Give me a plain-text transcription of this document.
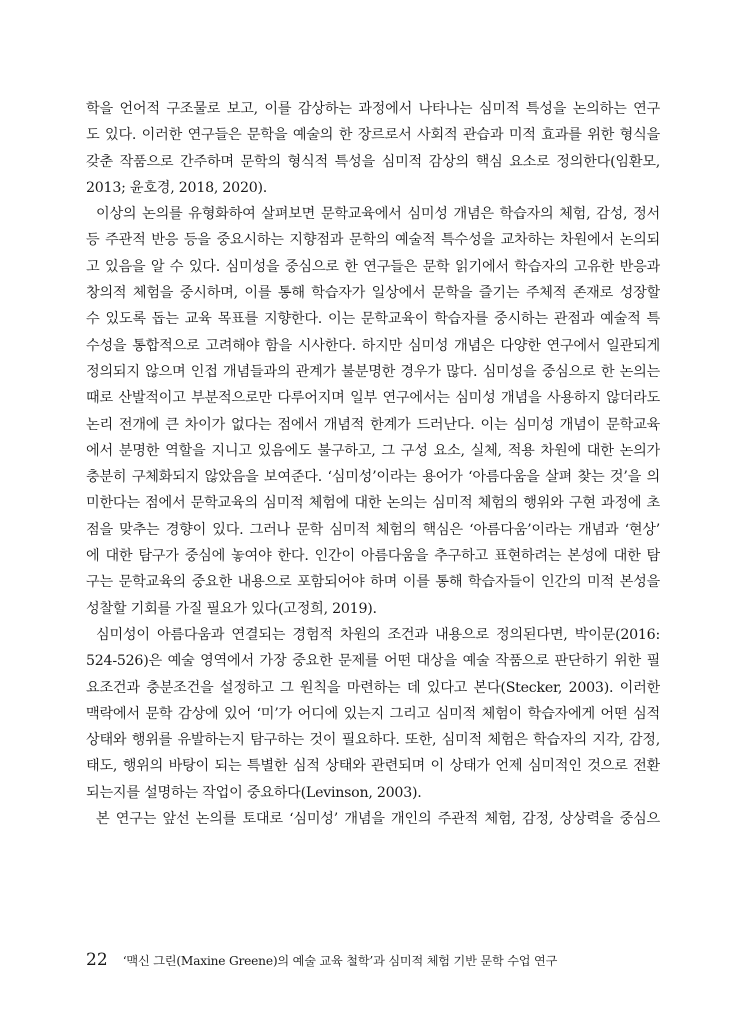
학을 언어적 구조물로 보고, 이를 감상하는 과정에서 나타나는 심미적 특성을 논의하는 연구
도 있다. 이러한 연구들은 문학을 예술의 한 장르로서 사회적 관습과 미적 효과를 위한 형식을
갖춘 작품으로 간주하며 문학의 형식적 특성을 심미적 감상의 핵심 요소로 정의한다(임환모,
2013; 윤호경, 2018, 2020).
이상의 논의를 유형화하여 살펴보면 문학교육에서 심미성 개념은 학습자의 체험, 감성, 정서
등 주관적 반응 등을 중요시하는 지향점과 문학의 예술적 특수성을 교차하는 차원에서 논의되
고 있음을 알 수 있다. 심미성을 중심으로 한 연구들은 문학 읽기에서 학습자의 고유한 반응과
창의적 체험을 중시하며, 이를 통해 학습자가 일상에서 문학을 즐기는 주체적 존재로 성장할
수 있도록 돕는 교육 목표를 지향한다. 이는 문학교육이 학습자를 중시하는 관점과 예술적 특
수성을 통합적으로 고려해야 함을 시사한다. 하지만 심미성 개념은 다양한 연구에서 일관되게
정의되지 않으며 인접 개념들과의 관계가 불분명한 경우가 많다. 심미성을 중심으로 한 논의는
때로 산발적이고 부분적으로만 다루어지며 일부 연구에서는 심미성 개념을 사용하지 않더라도
논리 전개에 큰 차이가 없다는 점에서 개념적 한계가 드러난다. 이는 심미성 개념이 문학교육
에서 분명한 역할을 지니고 있음에도 불구하고, 그 구성 요소, 실체, 적용 차원에 대한 논의가
충분히 구체화되지 않았음을 보여준다. ‘심미성’이라는 용어가 ‘아름다움을 살펴 찾는 것’을 의
미한다는 점에서 문학교육의 심미적 체험에 대한 논의는 심미적 체험의 행위와 구현 과정에 초
점을 맞추는 경향이 있다. 그러나 문학 심미적 체험의 핵심은 ‘아름다움’이라는 개념과 ‘현상’
에 대한 탐구가 중심에 놓여야 한다. 인간이 아름다움을 추구하고 표현하려는 본성에 대한 탐
구는 문학교육의 중요한 내용으로 포함되어야 하며 이를 통해 학습자들이 인간의 미적 본성을
성찰할 기회를 가질 필요가 있다(고정희, 2019).
심미성이 아름다움과 연결되는 경험적 차원의 조건과 내용으로 정의된다면, 박이문(2016:
524-526)은 예술 영역에서 가장 중요한 문제를 어떤 대상을 예술 작품으로 판단하기 위한 필
요조건과 충분조건을 설정하고 그 원칙을 마련하는 데 있다고 본다(Stecker, 2003). 이러한
맥락에서 문학 감상에 있어 ‘미’가 어디에 있는지 그리고 심미적 체험이 학습자에게 어떤 심적
상태와 행위를 유발하는지 탐구하는 것이 필요하다. 또한, 심미적 체험은 학습자의 지각, 감정,
태도, 행위의 바탕이 되는 특별한 심적 상태와 관련되며 이 상태가 언제 심미적인 것으로 전환
되는지를 설명하는 작업이 중요하다(Levinson, 2003).
본 연구는 앞선 논의를 토대로 ‘심미성’ 개념을 개인의 주관적 체험, 감정, 상상력을 중심으
22 ‘맥신 그린(Maxine Greene)의 예술 교육 철학’과 심미적 체험 기반 문학 수업 연구
